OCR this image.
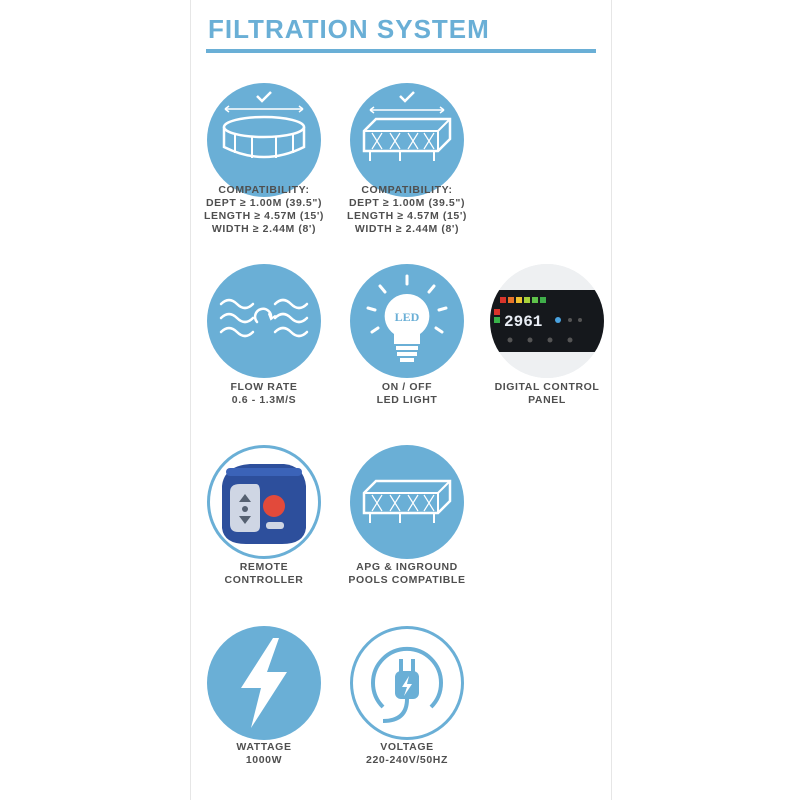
FILTRATION SYSTEM
COMPATIBILITY:
DEPT ≥ 1.00M (39.5")
LENGTH ≥ 4.57M (15')
WIDTH ≥ 2.44M (8')
COMPATIBILITY:
DEPT ≥ 1.00M (39.5")
LENGTH ≥ 4.57M (15')
WIDTH ≥ 2.44M (8')
FLOW RATE
0.6 - 1.3M/S
LED
ON / OFF
LED LIGHT
2961
DIGITAL CONTROL
PANEL
REMOTE
CONTROLLER
APG & INGROUND
POOLS COMPATIBLE
WATTAGE
1000W
VOLTAGE
220-240V/50HZ
